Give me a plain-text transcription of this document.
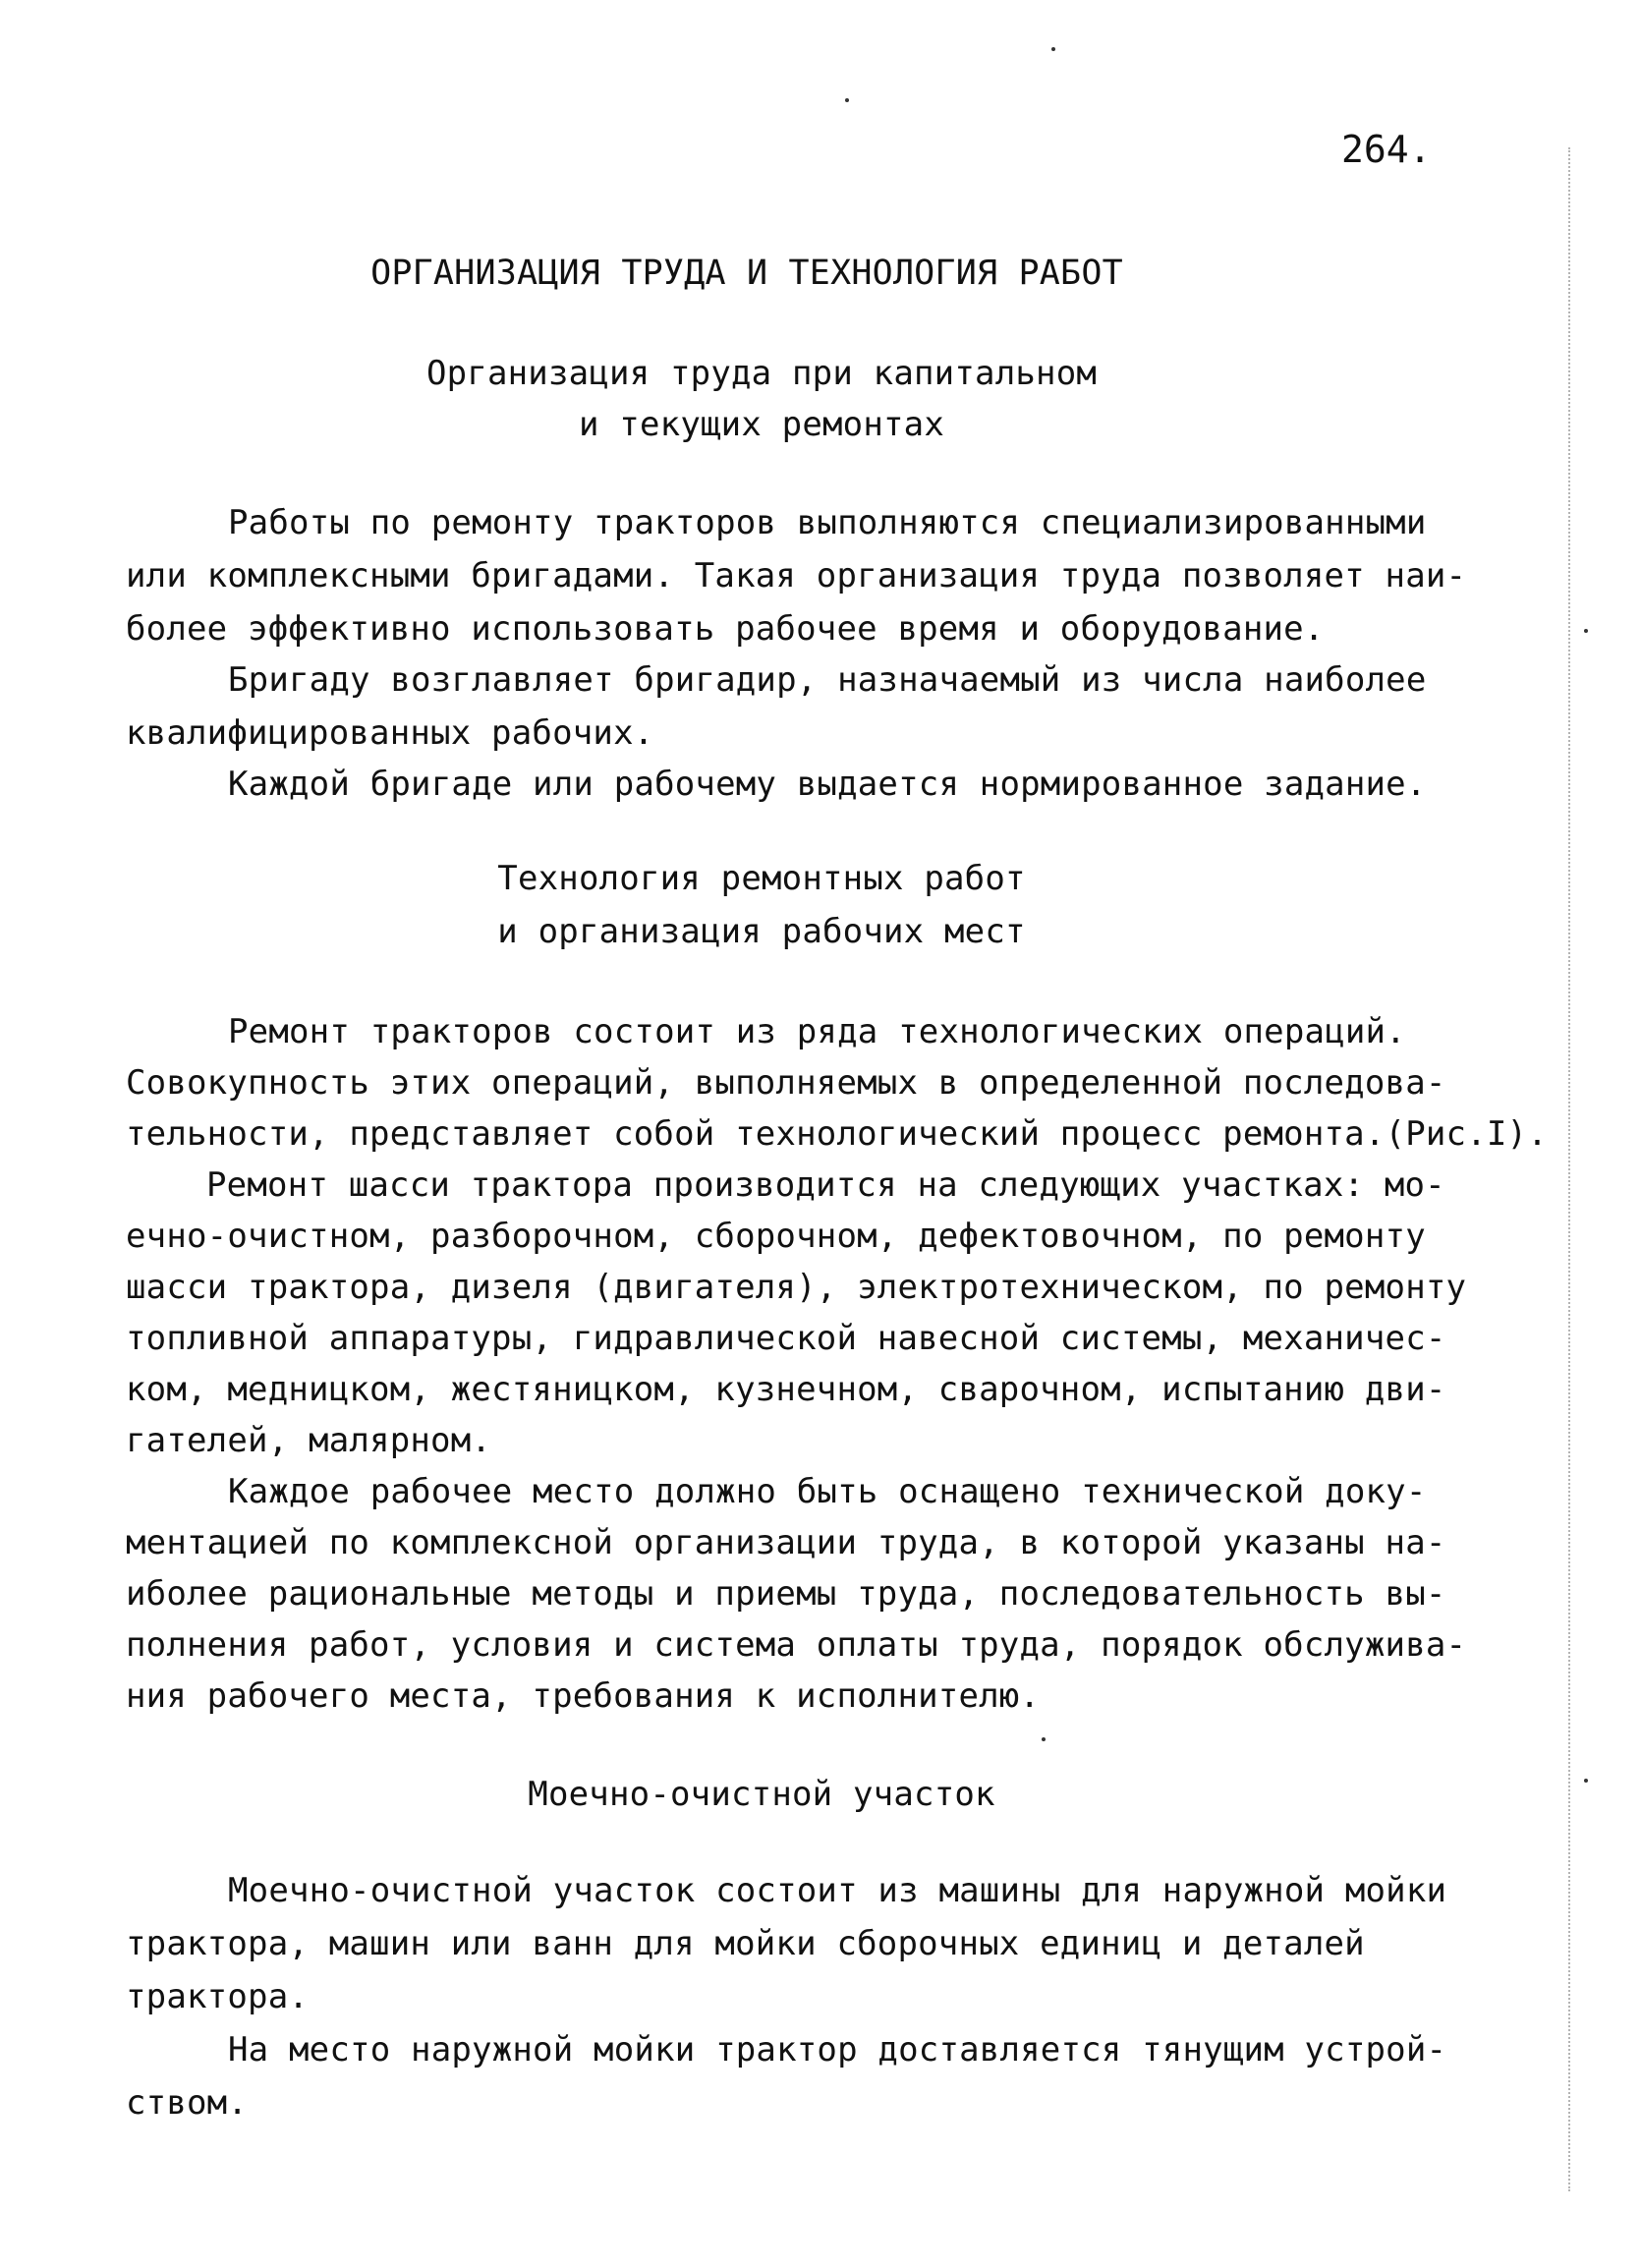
264.
ОРГАНИЗАЦИЯ ТРУДА И ТЕХНОЛОГИЯ РАБОТ
Организация труда при капитальном
и текущих ремонтах
Работы по ремонту тракторов выполняются специализированными
или комплексными бригадами. Такая организация труда позволяет наи-
более эффективно использовать рабочее время и оборудование.
Бригаду возглавляет бригадир, назначаемый из числа наиболее
квалифицированных рабочих.
Каждой бригаде или рабочему выдается нормированное задание.
Технология ремонтных работ
и организация рабочих мест
Ремонт тракторов состоит из ряда технологических операций.
Совокупность этих операций, выполняемых в определенной последова-
тельности, представляет собой технологический процесс ремонта.(Рис.I).
Ремонт шасси трактора производится на следующих участках: мо-
ечно-очистном, разборочном, сборочном, дефектовочном, по ремонту
шасси трактора, дизеля (двигателя), электротехническом, по ремонту
топливной аппаратуры, гидравлической навесной системы, механичес-
ком, медницком, жестяницком, кузнечном, сварочном, испытанию дви-
гателей, малярном.
Каждое рабочее место должно быть оснащено технической доку-
ментацией по комплексной организации труда, в которой указаны на-
иболее рациональные методы и приемы труда, последовательность вы-
полнения работ, условия и система оплаты труда, порядок обслужива-
ния рабочего места, требования к исполнителю.
Моечно-очистной участок
Моечно-очистной участок состоит из машины для наружной мойки
трактора, машин или ванн для мойки сборочных единиц и деталей
трактора.
На место наружной мойки трактор доставляется тянущим устрой-
ством.
